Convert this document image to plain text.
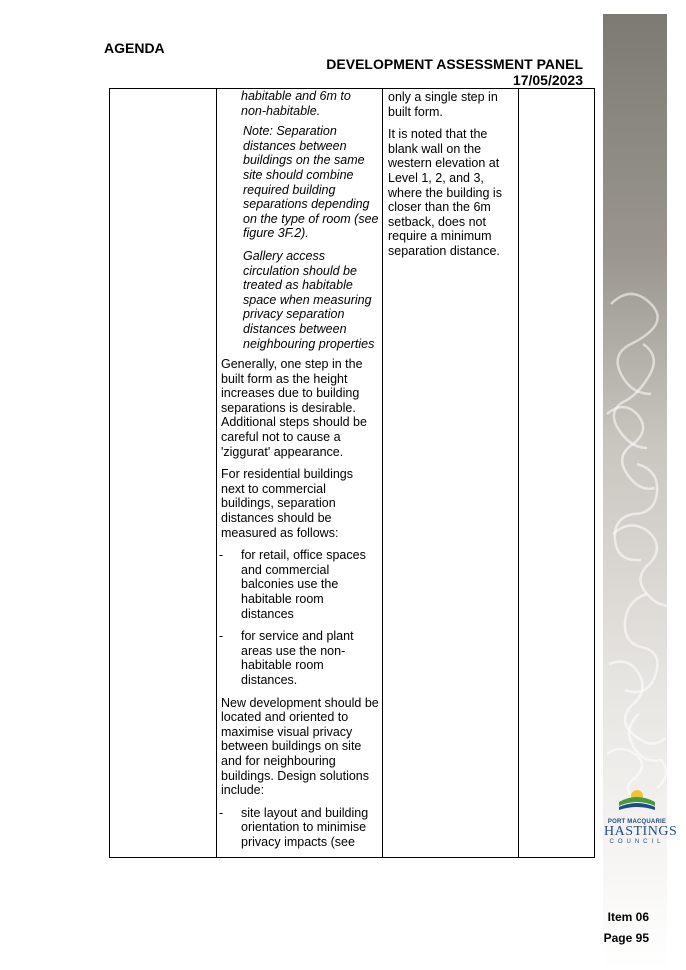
AGENDA
DEVELOPMENT ASSESSMENT PANEL
17/05/2023
habitable and 6m to non-habitable.
Note: Separation distances between buildings on the same site should combine required building separations depending on the type of room (see figure 3F.2).
Gallery access circulation should be treated as habitable space when measuring privacy separation distances between neighbouring properties
Generally, one step in the built form as the height increases due to building separations is desirable. Additional steps should be careful not to cause a 'ziggurat' appearance.
For residential buildings next to commercial buildings, separation distances should be measured as follows:
- for retail, office spaces and commercial balconies use the habitable room distances
- for service and plant areas use the non-habitable room distances.
New development should be located and oriented to maximise visual privacy between buildings on site and for neighbouring buildings. Design solutions include:
- site layout and building orientation to minimise privacy impacts (see
only a single step in built form.
It is noted that the blank wall on the western elevation at Level 1, 2, and 3, where the building is closer than the 6m setback, does not require a minimum separation distance.
PORT MACQUARIE
HASTINGS
COUNCIL
Item 06
Page 95
